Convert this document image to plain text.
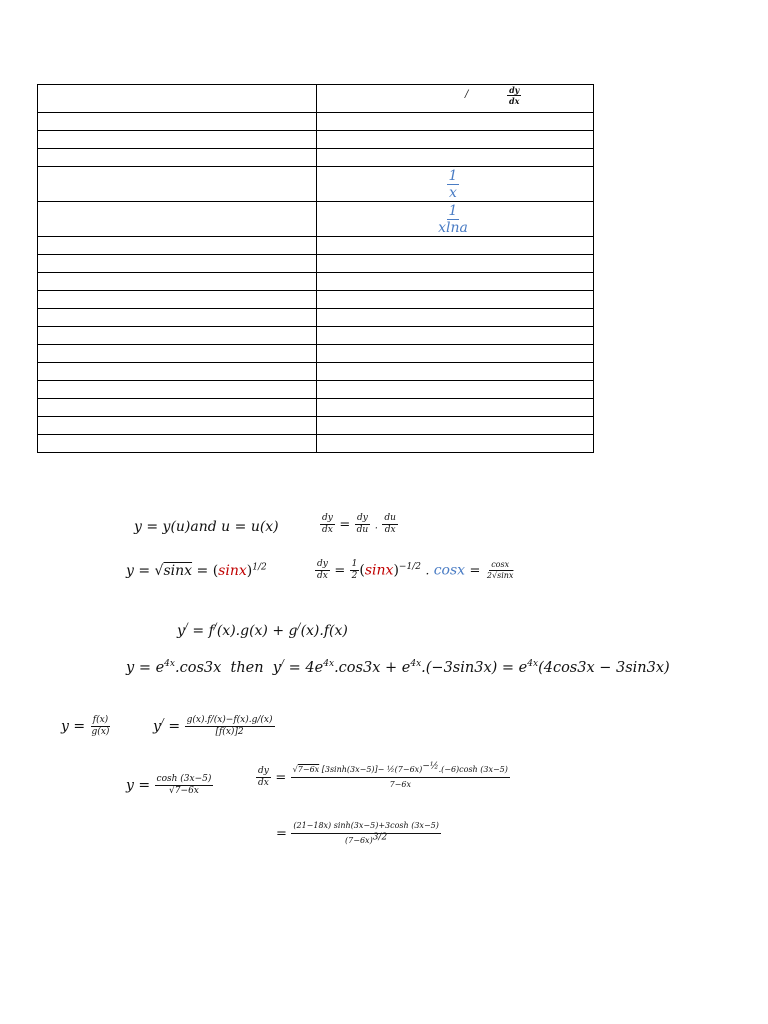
	/ $\frac{dy}{dx}$

	$\frac{1}{x}$

	$\frac{1}{xlna}$

y = y(u)and u = u(x)	$\frac{dy}{dx} = \frac{dy}{du}$ . $\frac{du}{dx}$
$y = √\sin x = (\sin x)^{1/2}$	$\frac{dy}{dx} = \frac{1}{2} (\sin x)^{-1/2}$ . $\cos x = \frac{\cos x}{2√\sin x}$
y/ = f/(x).g(x) + g/(x).f(x)
$y = e^{4x}.\cos 3x$  then  $y^/ = 4e^{4x}.\cos 3x + e^{4x}.(-3\sin 3x) = e^{4x}(4\cos 3x - 3\sin 3x)$
$y = \frac{f(x)}{g(x)}$	$y^/ = \frac{g(x).f/(x)-f(x).g/(x)}{[f(x)]2}$
$y = \frac{\cosh (3x-5)}{√7-6x}$	$\frac{dy}{dx} = \frac{√7-6x [3\sinh(3x-5)]- \frac{1}{2}(7-6x)^{-\frac{1}{2}}.(-6)\cosh (3x-5)}{7-6x}$
= $\frac{(21-18x) \sinh(3x-5)+3\cosh (3x-5)}{(7-6x)^{3/2}}$
